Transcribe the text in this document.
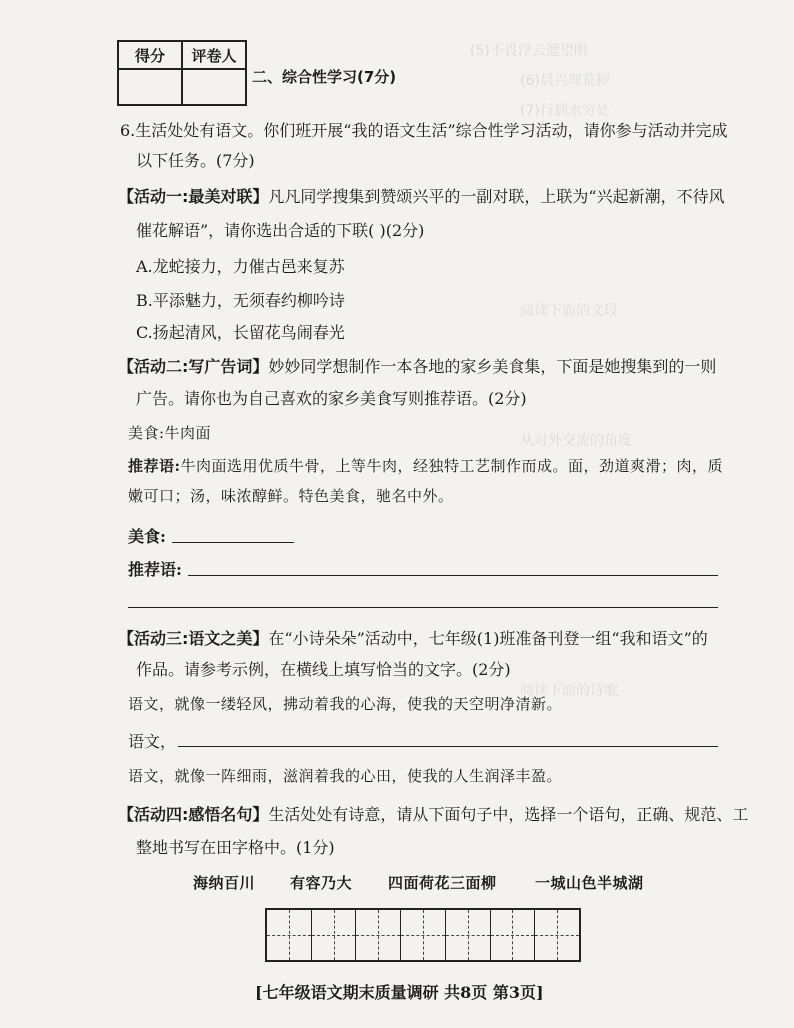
(5)不畏浮云遮望眼
(6)晨兴理荒秽
(7)行到水穷处
阅读下面的文段
从对外交流的角度
阅读下面的诗歌
得分	评卷人

二、综合性学习(7分)
6.生活处处有语文。你们班开展“我的语文生活”综合性学习活动，请你参与活动并完成
以下任务。(7分)
【活动一:最美对联】凡凡同学搜集到赞颂兴平的一副对联，上联为“兴起新潮，不待风
催花解语”，请你选出合适的下联( )(2分)
A.龙蛇接力，力催古邑来复苏
B.平添魅力，无须春约柳吟诗
C.扬起清风，长留花鸟闹春光
【活动二:写广告词】妙妙同学想制作一本各地的家乡美食集，下面是她搜集到的一则
广告。请你也为自己喜欢的家乡美食写则推荐语。(2分)
美食:牛肉面
推荐语:牛肉面选用优质牛骨，上等牛肉，经独特工艺制作而成。面，劲道爽滑；肉，质
嫩可口；汤，味浓醇鲜。特色美食，驰名中外。
美食:
推荐语:
【活动三:语文之美】在“小诗朵朵”活动中，七年级(1)班准备刊登一组“我和语文”的
作品。请参考示例，在横线上填写恰当的文字。(2分)
语文，就像一缕轻风，拂动着我的心海，使我的天空明净清新。
语文，
语文，就像一阵细雨，滋润着我的心田，使我的人生润泽丰盈。
【活动四:感悟名句】生活处处有诗意，请从下面句子中，选择一个语句，正确、规范、工
整地书写在田字格中。(1分)
海纳百川 有容乃大 四面荷花三面柳	一城山色半城湖
[七年级语文期末质量调研 共8页 第3页]
